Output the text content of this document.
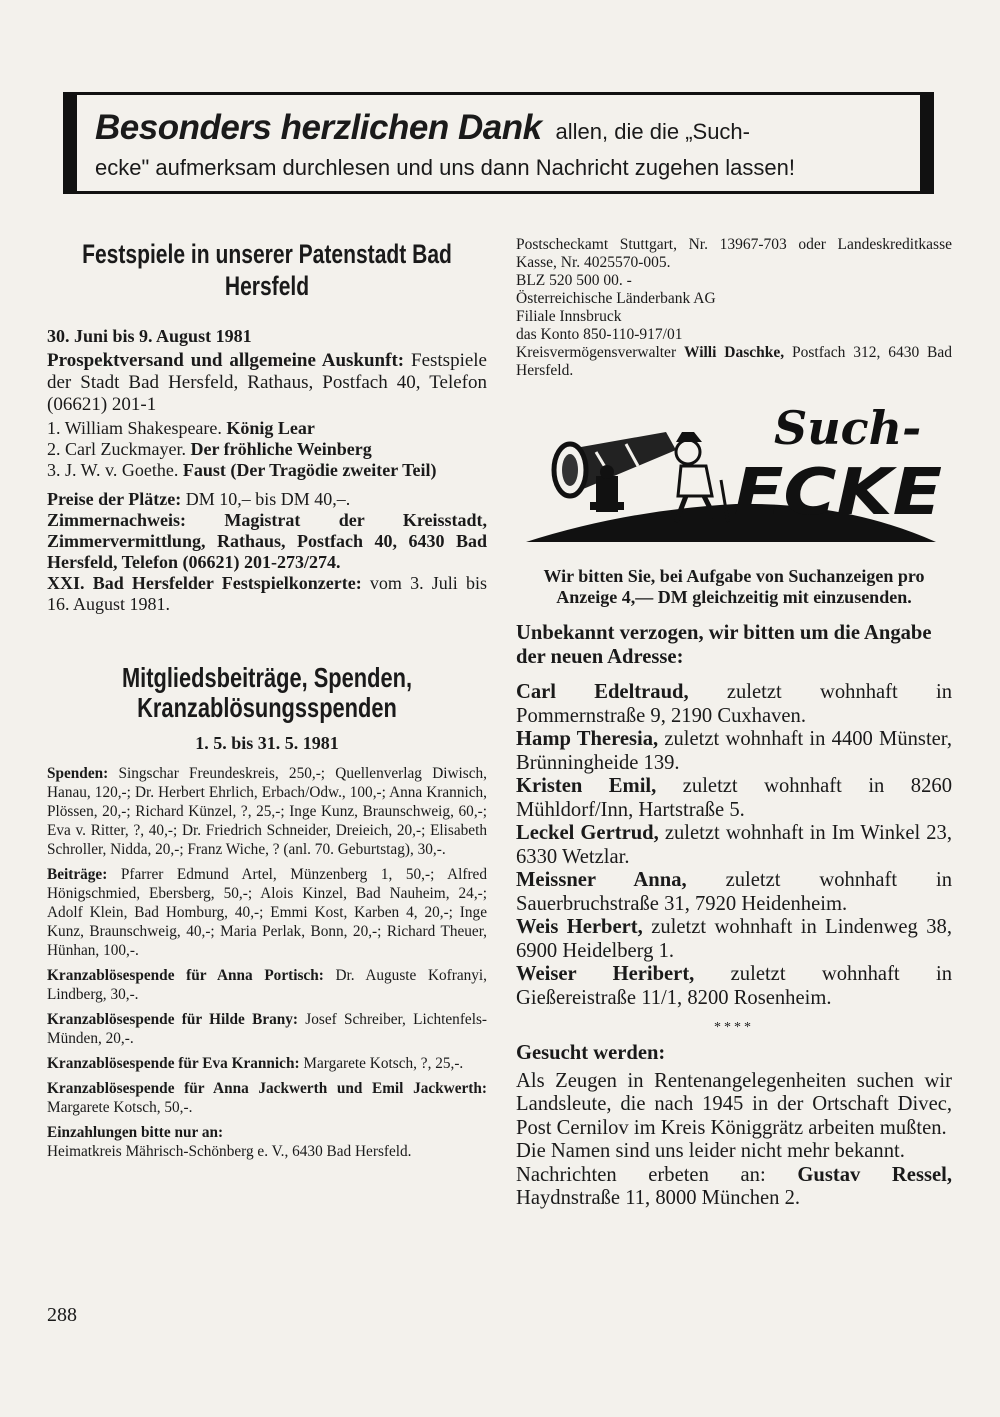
Besonders herzlichen Dank allen, die die „Such-
ecke" aufmerksam durchlesen und uns dann Nachricht zugehen lassen!
Festspiele in unserer Patenstadt Bad
Hersfeld

30. Juni bis 9. August 1981

Prospektversand und allgemeine Auskunft: Festspiele der Stadt Bad Hersfeld, Rathaus, Postfach 40, Telefon (06621) 201-1

1. William Shakespeare. König Lear
2. Carl Zuckmayer. Der fröhliche Weinberg
3. J. W. v. Goethe. Faust (Der Tragödie zweiter Teil)

Preise der Plätze: DM 10,– bis DM 40,–.

Zimmernachweis: Magistrat der Kreisstadt, Zimmervermittlung, Rathaus, Postfach 40, 6430 Bad Hersfeld, Telefon (06621) 201-273/274.

XXI. Bad Hersfelder Festspielkonzerte: vom 3. Juli bis 16. August 1981.

Mitgliedsbeiträge, Spenden,
Kranzablösungsspenden

1. 5. bis 31. 5. 1981

Spenden: Singschar Freundeskreis, 250,-; Quellenverlag Diwisch, Hanau, 120,-; Dr. Herbert Ehrlich, Erbach/Odw., 100,-; Anna Krannich, Plössen, 20,-; Richard Künzel, ?, 25,-; Inge Kunz, Braunschweig, 60,-; Eva v. Ritter, ?, 40,-; Dr. Friedrich Schneider, Dreieich, 20,-; Elisabeth Schroller, Nidda, 20,-; Franz Wiche, ? (anl. 70. Geburtstag), 30,-.

Beiträge: Pfarrer Edmund Artel, Münzenberg 1, 50,-; Alfred Hönigschmied, Ebersberg, 50,-; Alois Kinzel, Bad Nauheim, 24,-; Adolf Klein, Bad Homburg, 40,-; Emmi Kost, Karben 4, 20,-; Inge Kunz, Braunschweig, 40,-; Maria Perlak, Bonn, 20,-; Richard Theuer, Hünhan, 100,-.

Kranzablösespende für Anna Portisch: Dr. Auguste Kofranyi, Lindberg, 30,-.

Kranzablösespende für Hilde Brany: Josef Schreiber, Lichtenfels-Münden, 20,-.

Kranzablösespende für Eva Krannich: Margarete Kotsch, ?, 25,-.

Kranzablösespende für Anna Jackwerth und Emil Jackwerth: Margarete Kotsch, 50,-.

Einzahlungen bitte nur an:
Heimatkreis Mährisch-Schönberg e. V., 6430 Bad Hersfeld.

Postscheckamt Stuttgart, Nr. 13967-703 oder Landeskreditkasse Kasse, Nr. 4025570-005.
BLZ 520 500 00. -
Österreichische Länderbank AG
Filiale Innsbruck
das Konto 850-110-917/01
Kreisvermögensverwalter Willi Daschke, Postfach 312, 6430 Bad Hersfeld.
Such-
ECKE

Wir bitten Sie, bei Aufgabe von Suchanzeigen pro Anzeige 4,— DM gleichzeitig mit einzusenden.

Unbekannt verzogen, wir bitten um die Angabe der neuen Adresse:

Carl Edeltraud, zuletzt wohnhaft in Pommernstraße 9, 2190 Cuxhaven.

Hamp Theresia, zuletzt wohnhaft in 4400 Münster, Brünningheide 139.

Kristen Emil, zuletzt wohnhaft in 8260 Mühldorf/Inn, Hartstraße 5.

Leckel Gertrud, zuletzt wohnhaft in Im Winkel 23, 6330 Wetzlar.

Meissner Anna, zuletzt wohnhaft in Sauerbruchstraße 31, 7920 Heidenheim.

Weis Herbert, zuletzt wohnhaft in Lindenweg 38, 6900 Heidelberg 1.

Weiser Heribert, zuletzt wohnhaft in Gießereistraße 11/1, 8200 Rosenheim.

****

Gesucht werden:

Als Zeugen in Rentenangelegenheiten suchen wir Landsleute, die nach 1945 in der Ortschaft Divec, Post Cernilov im Kreis Königgrätz arbeiten mußten.

Die Namen sind uns leider nicht mehr bekannt.

Nachrichten erbeten an: Gustav Ressel, Haydnstraße 11, 8000 München 2.

288
